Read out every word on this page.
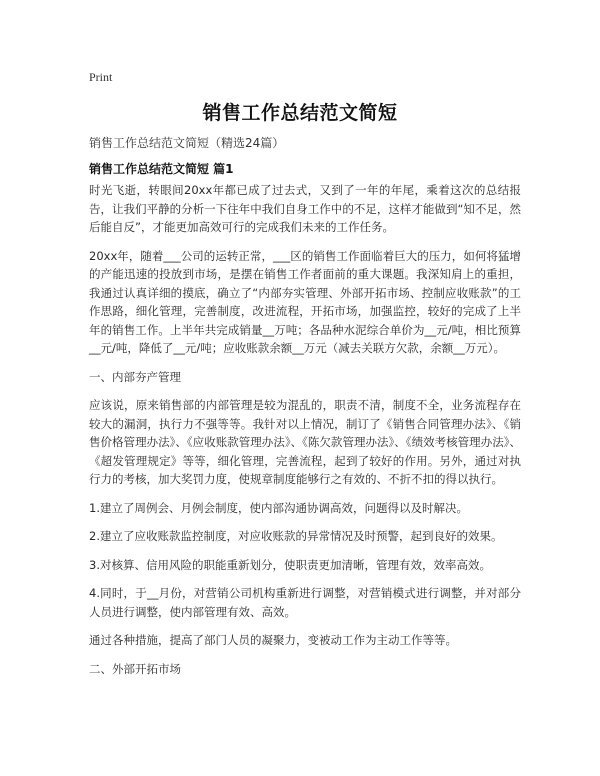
Print
销售工作总结范文简短
销售工作总结范文简短（精选24篇）
销售工作总结范文简短 篇1

时光飞逝，转眼间20xx年都已成了过去式，又到了一年的年尾，乘着这次的总结报告，让我们平静的分析一下往年中我们自身工作中的不足，这样才能做到“知不足，然后能自反”，才能更加高效可行的完成我们未来的工作任务。

20xx年，随着___公司的运转正常，___区的销售工作面临着巨大的压力，如何将猛增的产能迅速的投放到市场，是摆在销售工作者面前的重大课题。我深知肩上的重担，我通过认真详细的摸底，确立了“内部夯实管理、外部开拓市场、控制应收账款”的工作思路，细化管理，完善制度，改进流程，开拓市场，加强监控，较好的完成了上半年的销售工作。上半年共完成销量__万吨；各品种水泥综合单价为__元/吨，相比预算__元/吨，降低了__元/吨；应收账款余额__万元（减去关联方欠款，余额__万元）。

一、内部夯产管理

应该说，原来销售部的内部管理是较为混乱的，职责不清，制度不全，业务流程存在较大的漏洞，执行力不强等等。我针对以上情况，制订了《销售合同管理办法》、《销售价格管理办法》、《应收账款管理办法》、《陈欠款管理办法》、《绩效考核管理办法》、《超发管理规定》等等，细化管理，完善流程，起到了较好的作用。另外，通过对执行力的考核，加大奖罚力度，使规章制度能够行之有效的、不折不扣的得以执行。

1.建立了周例会、月例会制度，使内部沟通协调高效，问题得以及时解决。

2.建立了应收账款监控制度，对应收账款的异常情况及时预警，起到良好的效果。

3.对核算、信用风险的职能重新划分，使职责更加清晰，管理有效，效率高效。

4.同时，于__月份，对营销公司机构重新进行调整，对营销模式进行调整，并对部分人员进行调整，使内部管理有效、高效。

通过各种措施，提高了部门人员的凝聚力，变被动工作为主动工作等等。

二、外部开拓市场
